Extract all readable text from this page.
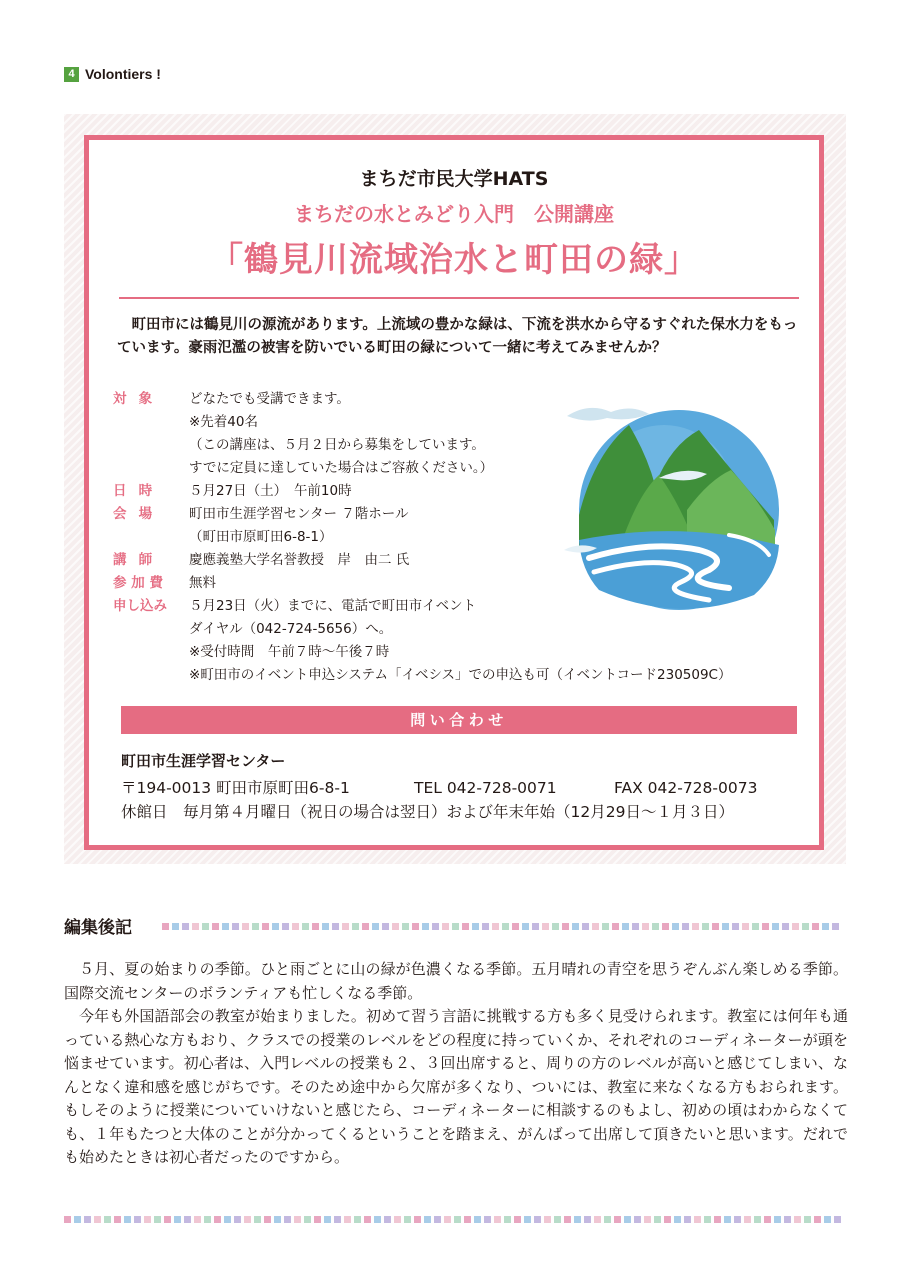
4 Volontiers !
まちだ市民大学HATS
まちだの水とみどり入門　公開講座
「鶴見川流域治水と町田の緑」
町田市には鶴見川の源流があります。上流域の豊かな緑は、下流を洪水から守るすぐれた保水力をもっています。豪雨氾濫の被害を防いでいる町田の緑について一緒に考えてみませんか？
対象	どなたでも受講できます。
※先着40名
（この講座は、５月２日から募集をしています。
すでに定員に達していた場合はご容赦ください。）
日時	５月27日（土）　午前10時
会場	町田市生涯学習センター ７階ホール
（町田市原町田6-8-1）
講師	慶應義塾大学名誉教授　岸　由二 氏
参加費	無料
申し込み	５月23日（火）までに、電話で町田市イベント
ダイヤル（042-724-5656）へ。
※受付時間　午前７時～午後７時
※町田市のイベント申込システム「イベシス」での申込も可（イベントコード230509C）
問い合わせ
町田市生涯学習センター
〒194-0013 町田市原町田6-8-1	TEL 042-728-0071	FAX 042-728-0073
休館日　毎月第４月曜日（祝日の場合は翌日）および年末年始（12月29日～１月３日）
編集後記

５月、夏の始まりの季節。ひと雨ごとに山の緑が色濃くなる季節。五月晴れの青空を思うぞんぶん楽しめる季節。国際交流センターのボランティアも忙しくなる季節。

今年も外国語部会の教室が始まりました。初めて習う言語に挑戦する方も多く見受けられます。教室には何年も通っている熱心な方もおり、クラスでの授業のレベルをどの程度に持っていくか、それぞれのコーディネーターが頭を悩ませています。初心者は、入門レベルの授業も２、３回出席すると、周りの方のレベルが高いと感じてしまい、なんとなく違和感を感じがちです。そのため途中から欠席が多くなり、ついには、教室に来なくなる方もおられます。もしそのように授業についていけないと感じたら、コーディネーターに相談するのもよし、初めの頃はわからなくても、１年もたつと大体のことが分かってくるということを踏まえ、がんばって出席して頂きたいと思います。だれでも始めたときは初心者だったのですから。
